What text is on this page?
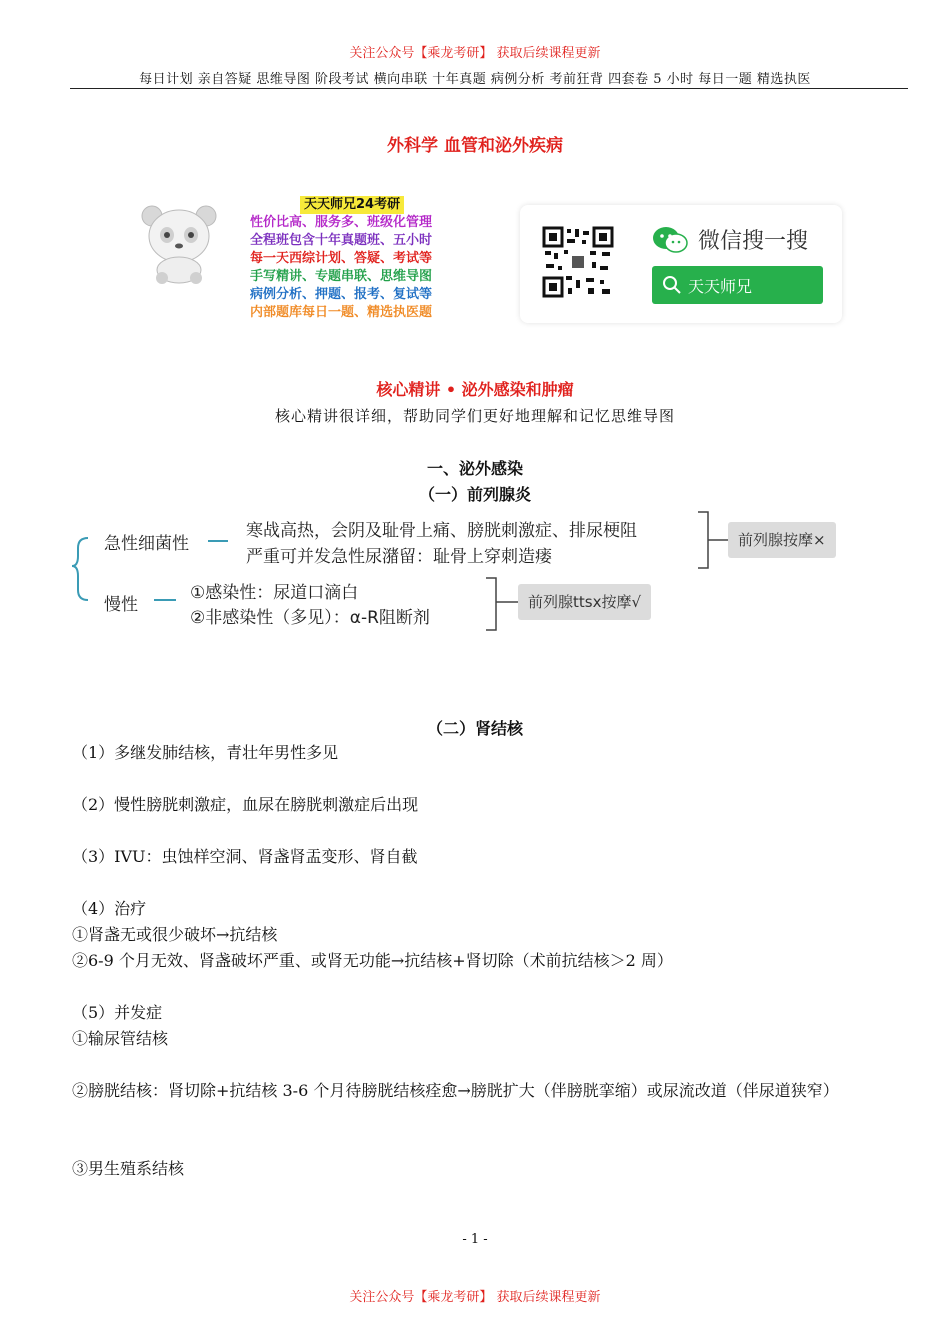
关注公众号【乘龙考研】 获取后续课程更新
每日计划 亲自答疑 思维导图 阶段考试 横向串联 十年真题 病例分析 考前狂背 四套卷 5 小时 每日一题 精选执医
外科学 血管和泌外疾病
天天师兄24考研
性价比高、服务多、班级化管理
全程班包含十年真题班、五小时
每一天西综计划、答疑、考试等
手写精讲、专题串联、思维导图
病例分析、押题、报考、复试等
内部题库每日一题、精选执医题
微信搜一搜
天天师兄
核心精讲 • 泌外感染和肿瘤
核心精讲很详细，帮助同学们更好地理解和记忆思维导图
一、泌外感染
（一）前列腺炎
急性细菌性
寒战高热，会阴及耻骨上痛、膀胱刺激症、排尿梗阻
严重可并发急性尿潴留：耻骨上穿刺造瘘
前列腺按摩×
慢性
①感染性：尿道口滴白
②非感染性（多见）：α-R阻断剂
前列腺ttsx按摩√
（二）肾结核
（1）多继发肺结核，青壮年男性多见
（2）慢性膀胱刺激症，血尿在膀胱刺激症后出现
（3）IVU：虫蚀样空洞、肾盏肾盂变形、肾自截
（4）治疗
①肾盏无或很少破坏→抗结核
②6-9 个月无效、肾盏破坏严重、或肾无功能→抗结核+肾切除（术前抗结核＞2 周）
（5）并发症
①输尿管结核
②膀胱结核：肾切除+抗结核 3-6 个月待膀胱结核痊愈→膀胱扩大（伴膀胱挛缩）或尿流改道（伴尿道狭窄）
③男生殖系结核
- 1 -
关注公众号【乘龙考研】 获取后续课程更新
